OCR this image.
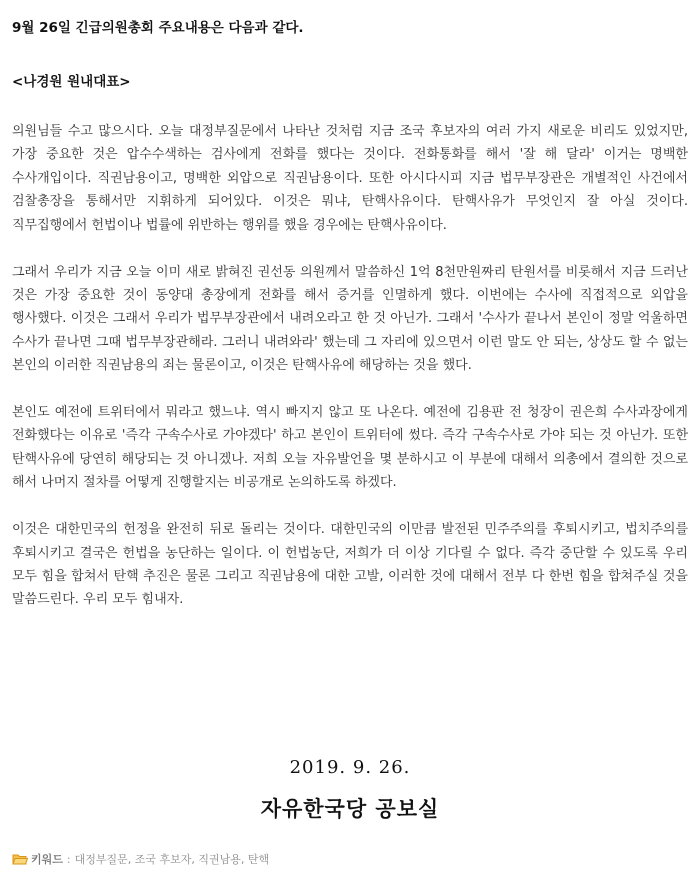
9월 26일 긴급의원총회 주요내용은 다음과 같다.
<나경원 원내대표>

의원님들 수고 많으시다. 오늘 대정부질문에서 나타난 것처럼 지금 조국 후보자의 여러 가지 새로운 비리도 있었지만, 가장 중요한 것은 압수수색하는 검사에게 전화를 했다는 것이다. 전화통화를 해서 '잘 해 달라' 이거는 명백한 수사개입이다. 직권남용이고, 명백한 외압으로 직권남용이다. 또한 아시다시피 지금 법무부장관은 개별적인 사건에서 검찰총장을 통해서만 지휘하게 되어있다. 이것은 뭐냐, 탄핵사유이다. 탄핵사유가 무엇인지 잘 아실 것이다. 직무집행에서 헌법이나 법률에 위반하는 행위를 했을 경우에는 탄핵사유이다.

그래서 우리가 지금 오늘 이미 새로 밝혀진 권선동 의원께서 말씀하신 1억 8천만원짜리 탄원서를 비롯해서 지금 드러난 것은 가장 중요한 것이 동양대 총장에게 전화를 해서 증거를 인멸하게 했다. 이번에는 수사에 직접적으로 외압을 행사했다. 이것은 그래서 우리가 법무부장관에서 내려오라고 한 것 아닌가. 그래서 '수사가 끝나서 본인이 정말 억울하면 수사가 끝나면 그때 법무부장관해라. 그러니 내려와라' 했는데 그 자리에 있으면서 이런 말도 안 되는, 상상도 할 수 없는 본인의 이러한 직권남용의 죄는 물론이고, 이것은 탄핵사유에 해당하는 것을 했다.

본인도 예전에 트위터에서 뭐라고 했느냐. 역시 빠지지 않고 또 나온다. 예전에 김용판 전 청장이 권은희 수사과장에게 전화했다는 이유로 '즉각 구속수사로 가야겠다' 하고 본인이 트위터에 썼다. 즉각 구속수사로 가야 되는 것 아닌가. 또한 탄핵사유에 당연히 해당되는 것 아니겠나. 저희 오늘 자유발언을 몇 분하시고 이 부분에 대해서 의총에서 결의한 것으로 해서 나머지 절차를 어떻게 진행할지는 비공개로 논의하도록 하겠다.

이것은 대한민국의 헌정을 완전히 뒤로 돌리는 것이다. 대한민국의 이만큼 발전된 민주주의를 후퇴시키고, 법치주의를 후퇴시키고 결국은 헌법을 농단하는 일이다. 이 헌법농단, 저희가 더 이상 기다릴 수 없다. 즉각 중단할 수 있도록 우리 모두 힘을 합쳐서 탄핵 추진은 물론 그리고 직권남용에 대한 고발, 이러한 것에 대해서 전부 다 한번 힘을 합쳐주실 것을 말씀드린다. 우리 모두 힘내자.

2019. 9. 26.
자유한국당 공보실
키워드 : 대정부질문, 조국 후보자, 직권남용, 탄핵
